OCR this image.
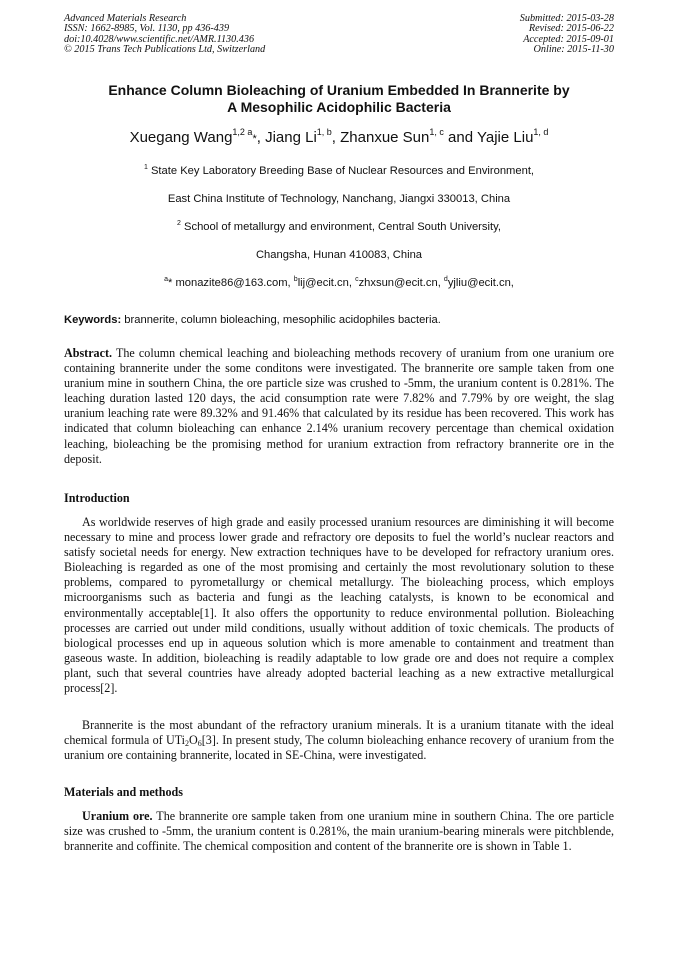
Advanced Materials Research
ISSN: 1662-8985, Vol. 1130, pp 436-439
doi:10.4028/www.scientific.net/AMR.1130.436
© 2015 Trans Tech Publications Ltd, Switzerland
Submitted: 2015-03-28
Revised: 2015-06-22
Accepted: 2015-09-01
Online: 2015-11-30
Enhance Column Bioleaching of Uranium Embedded In Brannerite by
A Mesophilic Acidophilic Bacteria
Xuegang Wang$^{1,2 a}$*, Jiang Li$^{1, b}$, Zhanxue Sun$^{1, c}$ and Yajie Liu$^{1, d}$
$^1$ State Key Laboratory Breeding Base of Nuclear Resources and Environment,
East China Institute of Technology, Nanchang, Jiangxi 330013, China
$^2$ School of metallurgy and environment, Central South University,
Changsha, Hunan 410083, China
$^a$* monazite86@163.com, $^b$lij@ecit.cn, $^c$zhxsun@ecit.cn, $^d$yjliu@ecit.cn,
Keywords: brannerite, column bioleaching, mesophilic acidophiles bacteria.
Abstract. The column chemical leaching and bioleaching methods recovery of uranium from one uranium ore containing brannerite under the some conditons were investigated. The brannerite ore sample taken from one uranium mine in southern China, the ore particle size was crushed to -5mm, the uranium content is 0.281%. The leaching duration lasted 120 days, the acid consumption rate were 7.82% and 7.79% by ore weight, the slag uranium leaching rate were 89.32% and 91.46% that calculated by its residue has been recovered. This work has indicated that column bioleaching can enhance 2.14% uranium recovery percentage than chemical oxidation leaching, bioleaching be the promising method for uranium extraction from refractory brannerite ore in the deposit.
Introduction
As worldwide reserves of high grade and easily processed uranium resources are diminishing it will become necessary to mine and process lower grade and refractory ore deposits to fuel the world’s nuclear reactors and satisfy societal needs for energy. New extraction techniques have to be developed for refractory uranium ores. Bioleaching is regarded as one of the most promising and certainly the most revolutionary solution to these problems, compared to pyrometallurgy or chemical metallurgy. The bioleaching process, which employs microorganisms such as bacteria and fungi as the leaching catalysts, is known to be economical and environmentally acceptable[1]. It also offers the opportunity to reduce environmental pollution. Bioleaching processes are carried out under mild conditions, usually without addition of toxic chemicals. The products of biological processes end up in aqueous solution which is more amenable to containment and treatment than gaseous waste. In addition, bioleaching is readily adaptable to low grade ore and does not require a complex plant, such that several countries have already adopted bacterial leaching as a new extractive metallurgical process[2].
Brannerite is the most abundant of the refractory uranium minerals. It is a uranium titanate with the ideal chemical formula of $UTi_2O_6[3]$. In present study, The column bioleaching enhance recovery of uranium from the uranium ore containing brannerite, located in SE-China, were investigated.
Materials and methods
Uranium ore. The brannerite ore sample taken from one uranium mine in southern China. The ore particle size was crushed to -5mm, the uranium content is 0.281%, the main uranium-bearing minerals were pitchblende, brannerite and coffinite. The chemical composition and content of the brannerite ore is shown in Table 1.
